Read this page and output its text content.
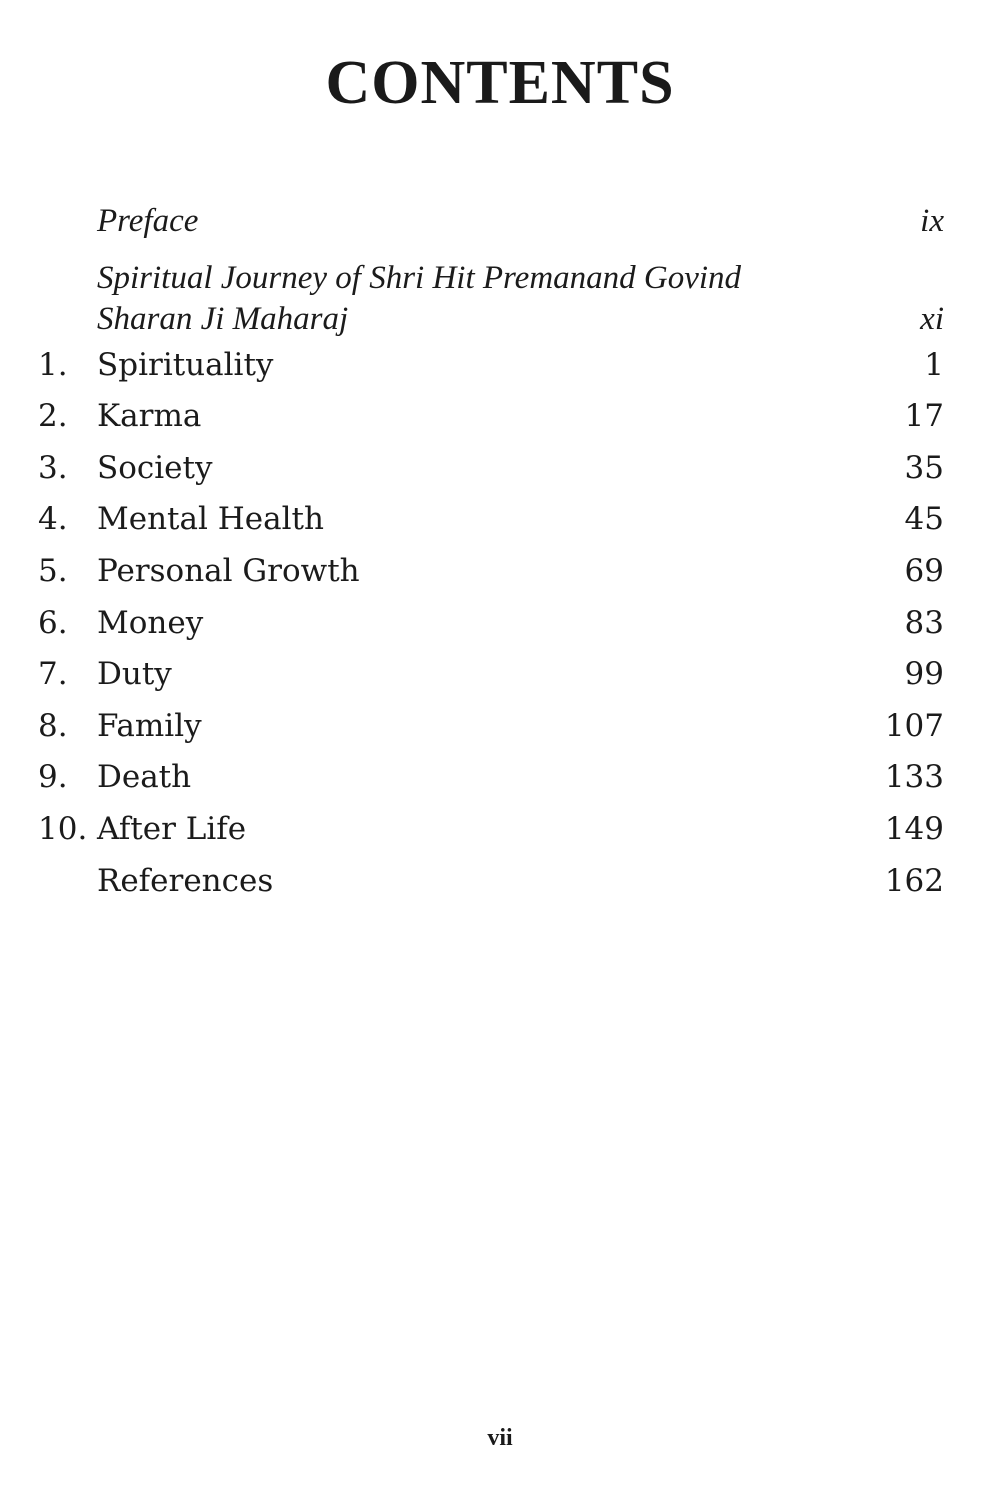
CONTENTS
Preface	ix
Spiritual Journey of Shri Hit Premanand Govind
Sharan Ji Maharaj	xi
1. Spirituality	1
2. Karma	17
3. Society	35
4. Mental Health	45
5. Personal Growth	69
6. Money	83
7. Duty	99
8. Family	107
9. Death	133
10. After Life	149
References	162
vii
